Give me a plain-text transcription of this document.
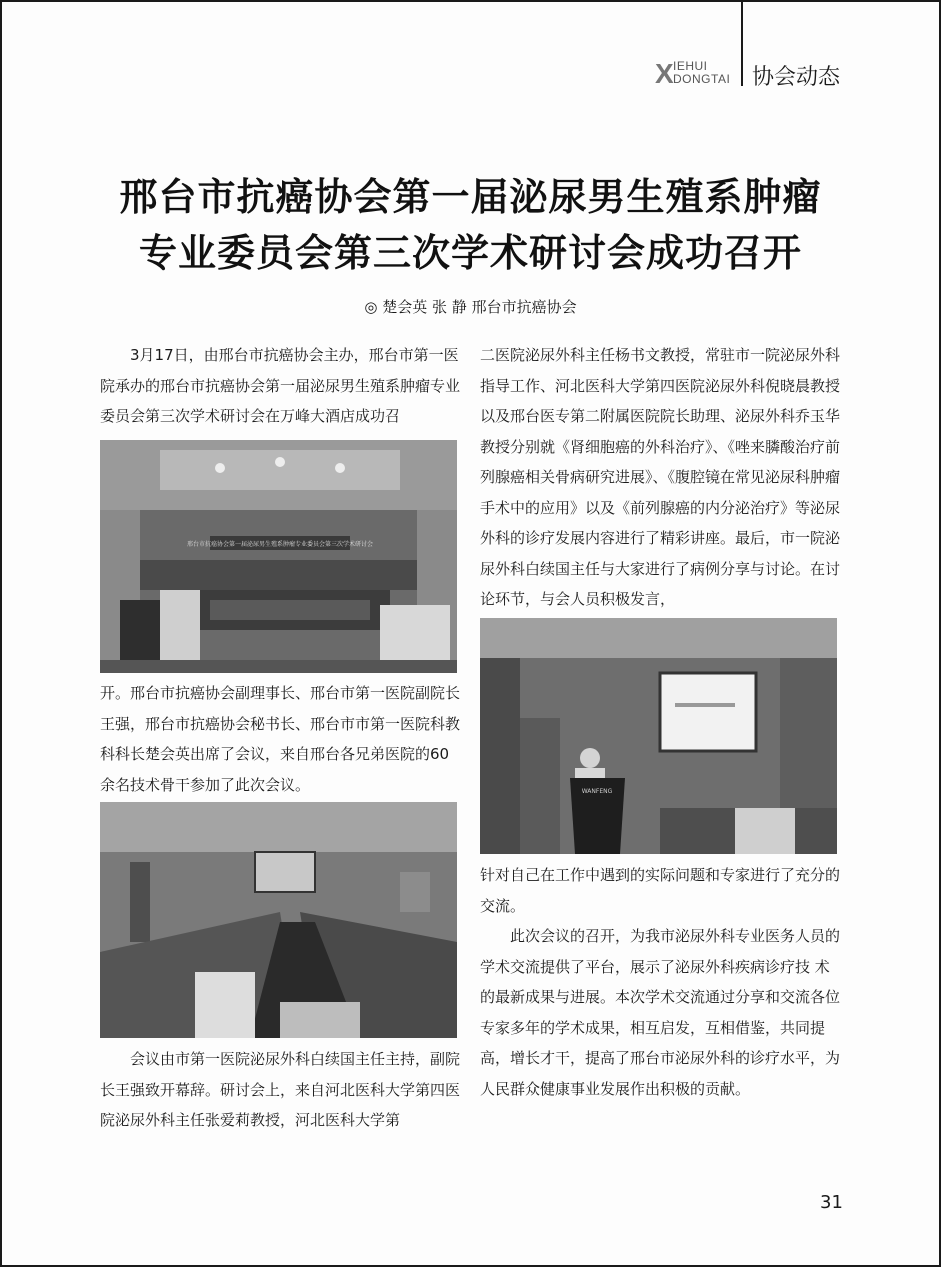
X IEHUI
DONGTAI 协会动态
邢台市抗癌协会第一届泌尿男生殖系肿瘤
专业委员会第三次学术研讨会成功召开
◎ 楚会英 张 静 邢台市抗癌协会

3月17日，由邢台市抗癌协会主办，邢台市第一医院承办的邢台市抗癌协会第一届泌尿男生殖系肿瘤专业委员会第三次学术研讨会在万峰大酒店成功召

邢台市抗癌协会第一届泌尿男生殖系肿瘤专业委员会第三次学术研讨会

开。邢台市抗癌协会副理事长、邢台市第一医院副院长王强，邢台市抗癌协会秘书长、邢台市市第一医院科教科科长楚会英出席了会议，来自邢台各兄弟医院的60余名技术骨干参加了此次会议。

会议由市第一医院泌尿外科白续国主任主持，副院长王强致开幕辞。研讨会上，来自河北医科大学第四医院泌尿外科主任张爱莉教授，河北医科大学第

二医院泌尿外科主任杨书文教授，常驻市一院泌尿外科指导工作、河北医科大学第四医院泌尿外科倪晓晨教授以及邢台医专第二附属医院院长助理、泌尿外科乔玉华教授分别就《肾细胞癌的外科治疗》、《唑来膦酸治疗前列腺癌相关骨病研究进展》、《腹腔镜在常见泌尿科肿瘤手术中的应用》以及《前列腺癌的内分泌治疗》等泌尿外科的诊疗发展内容进行了精彩讲座。最后，市一院泌尿外科白续国主任与大家进行了病例分享与讨论。在讨论环节，与会人员积极发言，

WANFENG

针对自己在工作中遇到的实际问题和专家进行了充分的交流。

此次会议的召开，为我市泌尿外科专业医务人员的学术交流提供了平台，展示了泌尿外科疾病诊疗技 术的最新成果与进展。本次学术交流通过分享和交流各位专家多年的学术成果，相互启发，互相借鉴，共同提高，增长才干，提高了邢台市泌尿外科的诊疗水平，为人民群众健康事业发展作出积极的贡献。

31
